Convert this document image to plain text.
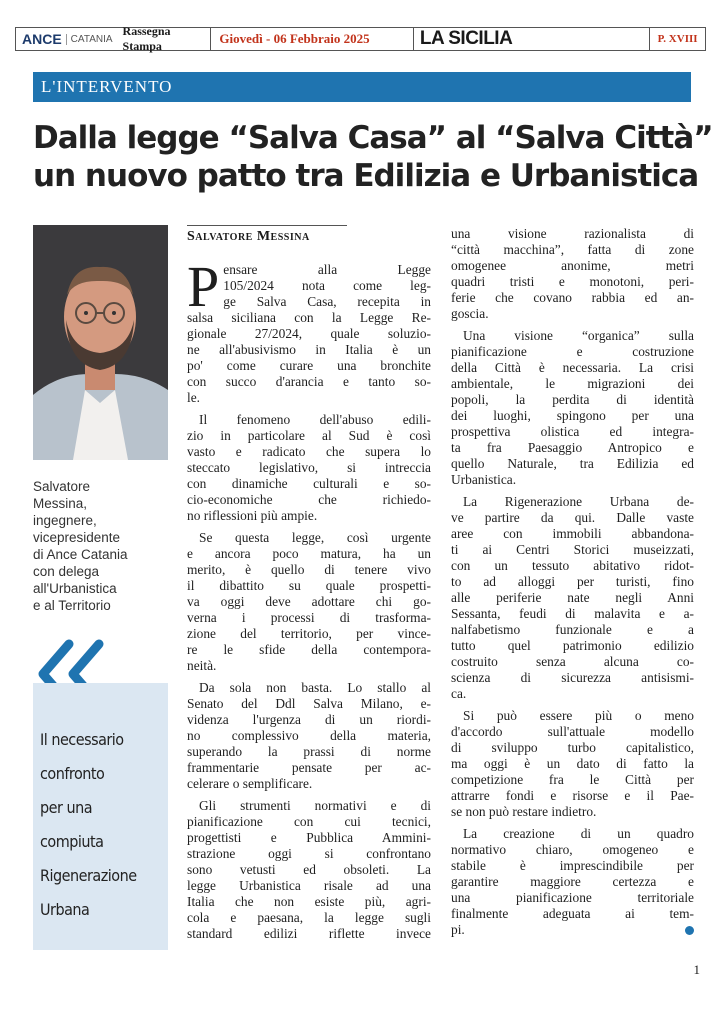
ANCE CATANIA
Rassegna Stampa	Giovedì - 06 Febbraio 2025	LA SICILIA	P. XVIII
L'INTERVENTO
Dalla legge “Salva Casa” al “Salva Città”
un nuovo patto tra Edilizia e Urbanistica
Salvatore
Messina,
ingegnere,
vicepresidente
di Ance Catania
con delega
all'Urbanistica
e al Territorio
Il necessario
confronto
per una
compiuta
Rigenerazione
Urbana
Salvatore Messina
P ensare alla Legge
105/2024 nota come leg-
ge Salva Casa, recepita in
salsa siciliana con la Legge Re-
gionale 27/2024, quale soluzio-
ne all'abusivismo in Italia è un
po' come curare una bronchite
con succo d'arancia e tanto so-
le.
Il fenomeno dell'abuso edili-
zio in particolare al Sud è così
vasto e radicato che supera lo
steccato legislativo, si intreccia
con dinamiche culturali e so-
cio-economiche che richiedo-
no riflessioni più ampie.
Se questa legge, così urgente
e ancora poco matura, ha un
merito, è quello di tenere vivo
il dibattito su quale prospetti-
va oggi deve adottare chi go-
verna i processi di trasforma-
zione del territorio, per vince-
re le sfide della contempora-
neità.
Da sola non basta. Lo stallo al
Senato del Ddl Salva Milano, e-
videnza l'urgenza di un riordi-
no complessivo della materia,
superando la prassi di norme
frammentarie pensate per ac-
celerare o semplificare.
Gli strumenti normativi e di
pianificazione con cui tecnici,
progettisti e Pubblica Ammini-
strazione oggi si confrontano
sono vetusti ed obsoleti. La
legge Urbanistica risale ad una
Italia che non esiste più, agri-
cola e paesana, la legge sugli
standard edilizi riflette invece
una visione razionalista di
“città macchina”, fatta di zone
omogenee anonime, metri
quadri tristi e monotoni, peri-
ferie che covano rabbia ed an-
goscia.
Una visione “organica” sulla
pianificazione e costruzione
della Città è necessaria. La crisi
ambientale, le migrazioni dei
popoli, la perdita di identità
dei luoghi, spingono per una
prospettiva olistica ed integra-
ta fra Paesaggio Antropico e
quello Naturale, tra Edilizia ed
Urbanistica.
La Rigenerazione Urbana de-
ve partire da qui. Dalle vaste
aree con immobili abbandona-
ti ai Centri Storici museizzati,
con un tessuto abitativo ridot-
to ad alloggi per turisti, fino
alle periferie nate negli Anni
Sessanta, feudi di malavita e a-
nalfabetismo funzionale e a
tutto quel patrimonio edilizio
costruito senza alcuna co-
scienza di sicurezza antisismi-
ca.
Si può essere più o meno
d'accordo sull'attuale modello
di sviluppo turbo capitalistico,
ma oggi è un dato di fatto la
competizione fra le Città per
attrarre fondi e risorse e il Pae-
se non può restare indietro.
La creazione di un quadro
normativo chiaro, omogeneo e
stabile è imprescindibile per
garantire maggiore certezza e
una pianificazione territoriale
finalmente adeguata ai tem-
pi.
1
